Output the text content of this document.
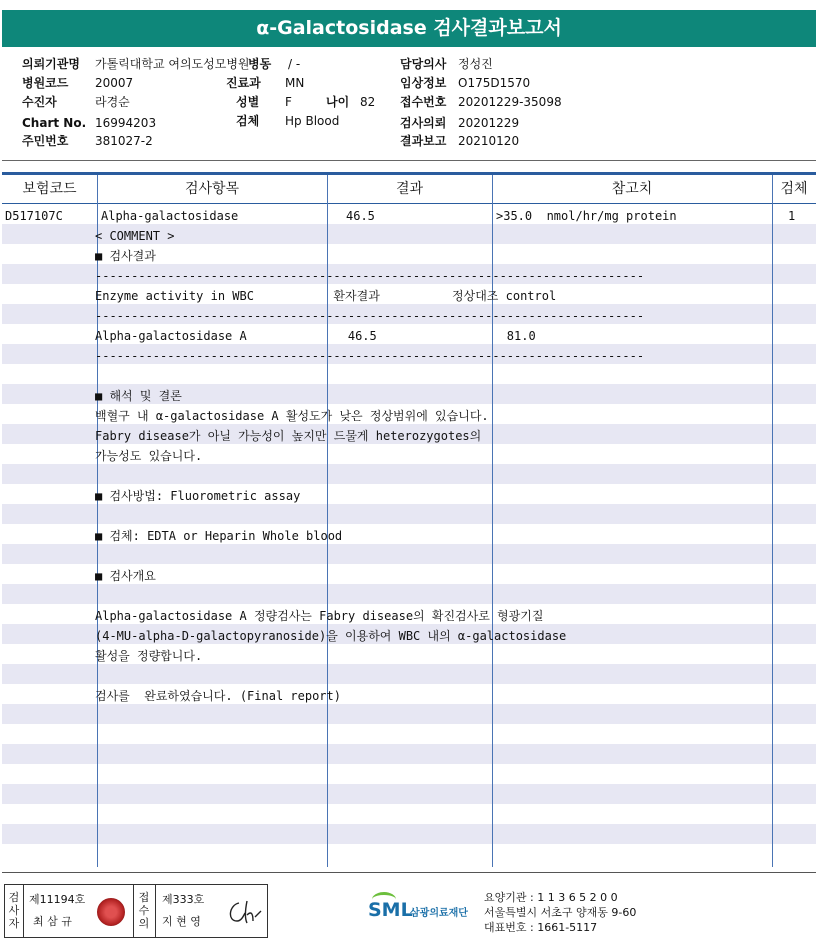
α-Galactosidase 검사결과보고서
의뢰기관명 가톨릭대학교 여의도성모병원
병원코드 20007
수진자	라경순
Chart No. 16994203
주민번호 381027-2
병동 / -
진료과 MN
성별 F	나이 82
검체 Hp Blood
담당의사 정성진
임상정보 O175D1570
접수번호 20201229-35098
검사의뢰 20201229
결과보고 20210120
보험코드	검사항목	결과	참고치	검체
D517107C	Alpha-galactosidase	46.5	>35.0  nmol/hr/mg protein	1
< COMMENT >
■ 검사결과
----------------------------------------------------------------------------
Enzyme activity in WBC           환자결과          정상대조 control
----------------------------------------------------------------------------
Alpha-galactosidase A              46.5                  81.0
----------------------------------------------------------------------------
■ 해석 및 결론
백혈구 내 α-galactosidase A 활성도가 낮은 정상범위에 있습니다.
Fabry disease가 아닐 가능성이 높지만 드물게 heterozygotes의
가능성도 있습니다.
■ 검사방법: Fluorometric assay
■ 검체: EDTA or Heparin Whole blood
■ 검사개요
Alpha-galactosidase A 정량검사는 Fabry disease의 확진검사로 형광기질
(4-MU-alpha-D-galactopyranoside)을 이용하여 WBC 내의 α-galactosidase
활성을 정량합니다.
검사를  완료하였습니다. (Final report)
검
사
자
제11194호
최 삼 규
접
수
의
제333호
지 현 영
SML
삼광의료재단
요양기관 : 1 1 3 6 5 2 0 0
서울특별시 서초구 양재동 9-60
대표번호 : 1661-5117
